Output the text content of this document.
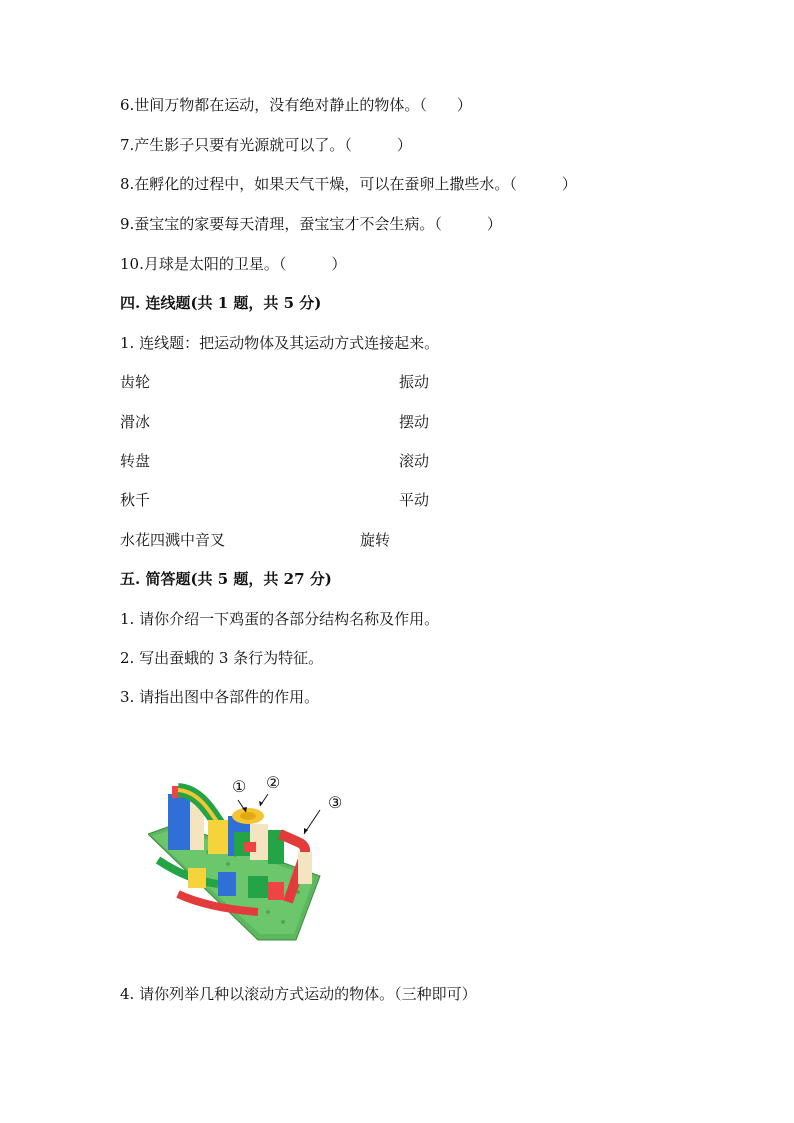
6.世间万物都在运动，没有绝对静止的物体。（　　）
7.产生影子只要有光源就可以了。（　　　）
8.在孵化的过程中，如果天气干燥，可以在蚕卵上撒些水。（　　　）
9.蚕宝宝的家要每天清理，蚕宝宝才不会生病。（　　　）
10.月球是太阳的卫星。（　　　）
四. 连线题(共 1 题，共 5 分)
1. 连线题：把运动物体及其运动方式连接起来。
齿轮
滑冰
转盘
秋千
水花四溅中音叉
振动
摆动
滚动
平动
旋转
五. 简答题(共 5 题，共 27 分)
1. 请你介绍一下鸡蛋的各部分结构名称及作用。
2. 写出蚕蛾的 3 条行为特征。
3. 请指出图中各部件的作用。
① ②
③
4. 请你列举几种以滚动方式运动的物体。（三种即可）
